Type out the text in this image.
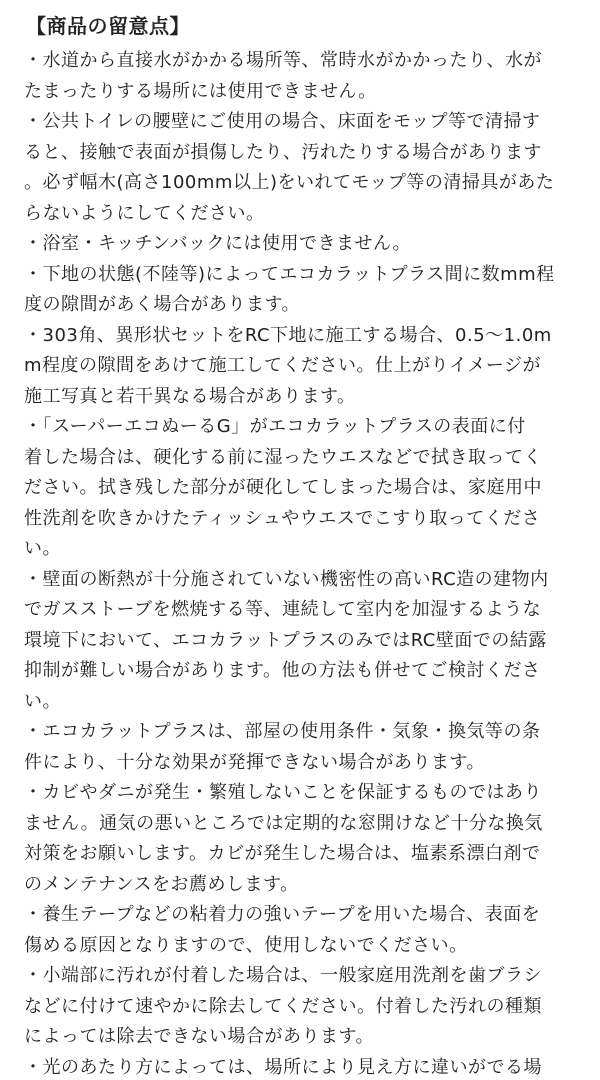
【商品の留意点】
・水道から直接水がかかる場所等、常時水がかかったり、水が
たまったりする場所には使用できません。
・公共トイレの腰壁にご使用の場合、床面をモップ等で清掃す
ると、接触で表面が損傷したり、汚れたりする場合があります
。必ず幅木(高さ100mm以上)をいれてモップ等の清掃具があた
らないようにしてください。
・浴室・キッチンバックには使用できません。
・下地の状態(不陸等)によってエコカラットプラス間に数mm程
度の隙間があく場合があります。
・303角、異形状セットをRC下地に施工する場合、0.5～1.0m
m程度の隙間をあけて施工してください。仕上がりイメージが
施工写真と若干異なる場合があります。
・「スーパーエコぬーるG」がエコカラットプラスの表面に付
着した場合は、硬化する前に湿ったウエスなどで拭き取ってく
ださい。拭き残した部分が硬化してしまった場合は、家庭用中
性洗剤を吹きかけたティッシュやウエスでこすり取ってくださ
い。
・壁面の断熱が十分施されていない機密性の高いRC造の建物内
でガスストーブを燃焼する等、連続して室内を加湿するような
環境下において、エコカラットプラスのみではRC壁面での結露
抑制が難しい場合があります。他の方法も併せてご検討くださ
い。
・エコカラットプラスは、部屋の使用条件・気象・換気等の条
件により、十分な効果が発揮できない場合があります。
・カビやダニが発生・繁殖しないことを保証するものではあり
ません。通気の悪いところでは定期的な窓開けなど十分な換気
対策をお願いします。カビが発生した場合は、塩素系漂白剤で
のメンテナンスをお薦めします。
・養生テープなどの粘着力の強いテープを用いた場合、表面を
傷める原因となりますので、使用しないでください。
・小端部に汚れが付着した場合は、一般家庭用洗剤を歯ブラシ
などに付けて速やかに除去してください。付着した汚れの種類
によっては除去できない場合があります。
・光のあたり方によっては、場所により見え方に違いがでる場
